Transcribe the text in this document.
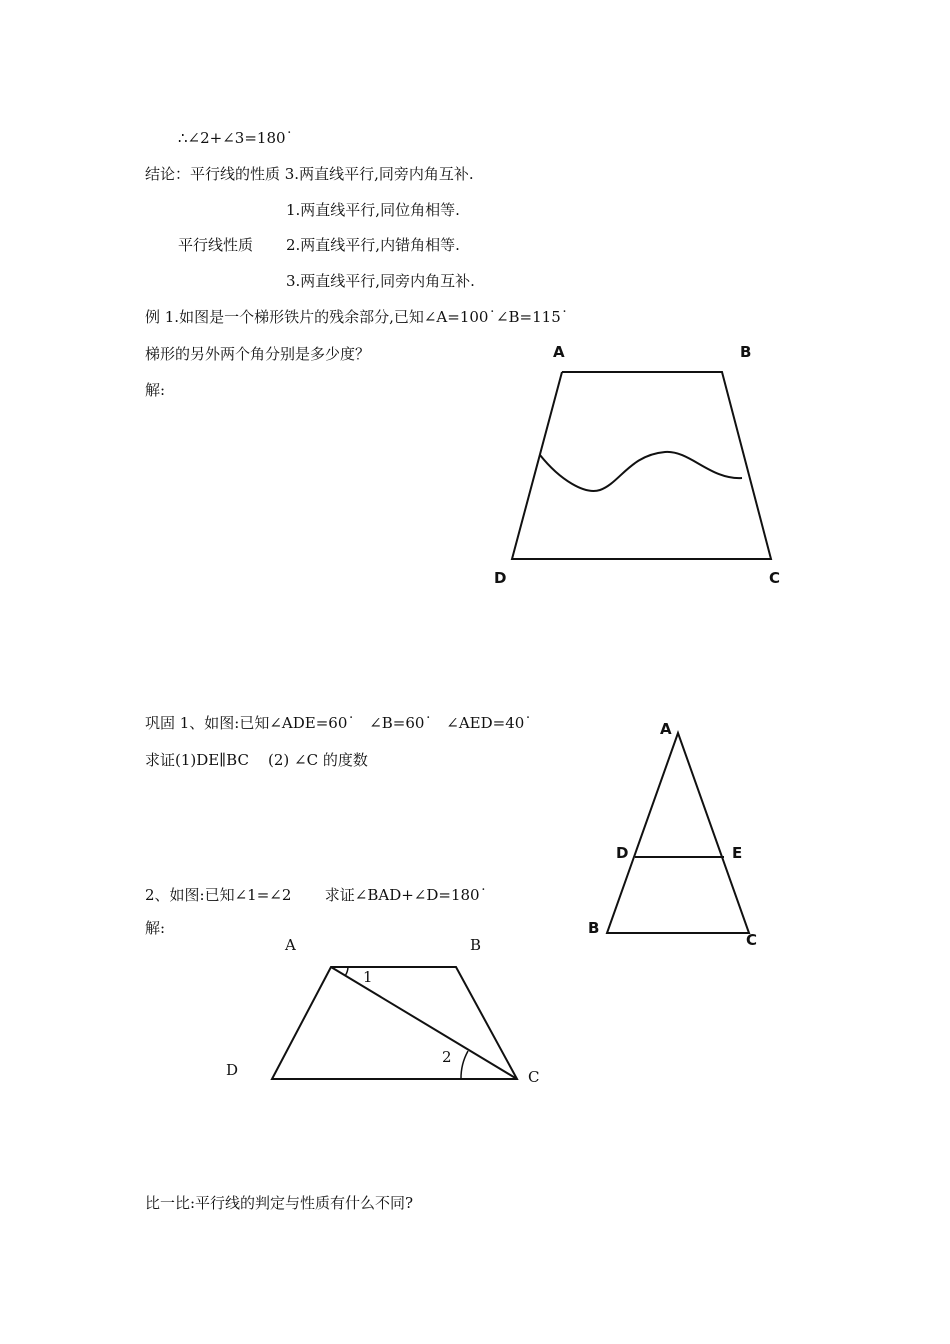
∴∠2+∠3=180˙
结论：平行线的性质 3.两直线平行,同旁内角互补.
1.两直线平行,同位角相等.
平行线性质 2.两直线平行,内错角相等.
3.两直线平行,同旁内角互补.
例 1.如图是一个梯形铁片的残余部分,已知∠A=100˙∠B=115˙
梯形的另外两个角分别是多少度？
解:
巩固 1、如图:已知∠ADE=60˙   ∠B=60˙   ∠AED=40˙
求证(1)DE∥BC    (2) ∠C 的度数
2、如图:已知∠1=∠2       求证∠BAD+∠D=180˙
解:
比一比:平行线的判定与性质有什么不同?
A	B
C
D
A
D	E
B
C
A	B
C
D
1
2
